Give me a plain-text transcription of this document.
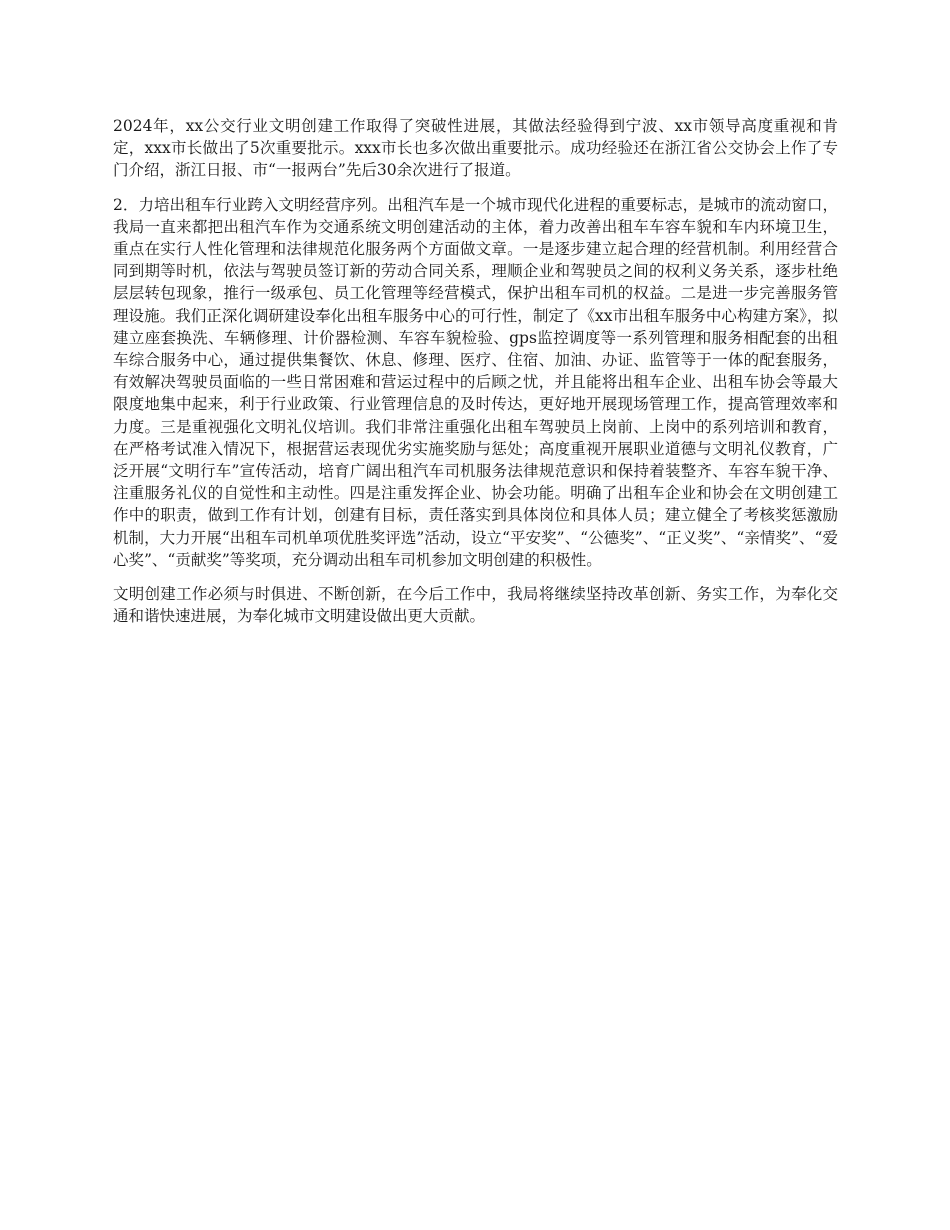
2024年，xx公交行业文明创建工作取得了突破性进展，其做法经验得到宁波、xx市领导高度重视和肯定，xxx市长做出了5次重要批示。xxx市长也多次做出重要批示。成功经验还在浙江省公交协会上作了专门介绍，浙江日报、市“一报两台”先后30余次进行了报道。

2．力培出租车行业跨入文明经营序列。出租汽车是一个城市现代化进程的重要标志，是城市的流动窗口，我局一直来都把出租汽车作为交通系统文明创建活动的主体，着力改善出租车车容车貌和车内环境卫生，重点在实行人性化管理和法律规范化服务两个方面做文章。一是逐步建立起合理的经营机制。利用经营合同到期等时机，依法与驾驶员签订新的劳动合同关系，理顺企业和驾驶员之间的权利义务关系，逐步杜绝层层转包现象，推行一级承包、员工化管理等经营模式，保护出租车司机的权益。二是进一步完善服务管理设施。我们正深化调研建设奉化出租车服务中心的可行性，制定了《xx市出租车服务中心构建方案》，拟建立座套换洗、车辆修理、计价器检测、车容车貌检验、gps监控调度等一系列管理和服务相配套的出租车综合服务中心，通过提供集餐饮、休息、修理、医疗、住宿、加油、办证、监管等于一体的配套服务，有效解决驾驶员面临的一些日常困难和营运过程中的后顾之忧，并且能将出租车企业、出租车协会等最大限度地集中起来，利于行业政策、行业管理信息的及时传达，更好地开展现场管理工作，提高管理效率和力度。三是重视强化文明礼仪培训。我们非常注重强化出租车驾驶员上岗前、上岗中的系列培训和教育，在严格考试准入情况下，根据营运表现优劣实施奖励与惩处；高度重视开展职业道德与文明礼仪教育，广泛开展“文明行车”宣传活动，培育广阔出租汽车司机服务法律规范意识和保持着装整齐、车容车貌干净、注重服务礼仪的自觉性和主动性。四是注重发挥企业、协会功能。明确了出租车企业和协会在文明创建工作中的职责，做到工作有计划，创建有目标，责任落实到具体岗位和具体人员；建立健全了考核奖惩激励机制，大力开展“出租车司机单项优胜奖评选”活动，设立“平安奖”、“公德奖”、“正义奖”、“亲情奖”、“爱心奖”、“贡献奖”等奖项，充分调动出租车司机参加文明创建的积极性。

文明创建工作必须与时俱进、不断创新，在今后工作中，我局将继续坚持改革创新、务实工作，为奉化交通和谐快速进展，为奉化城市文明建设做出更大贡献。
